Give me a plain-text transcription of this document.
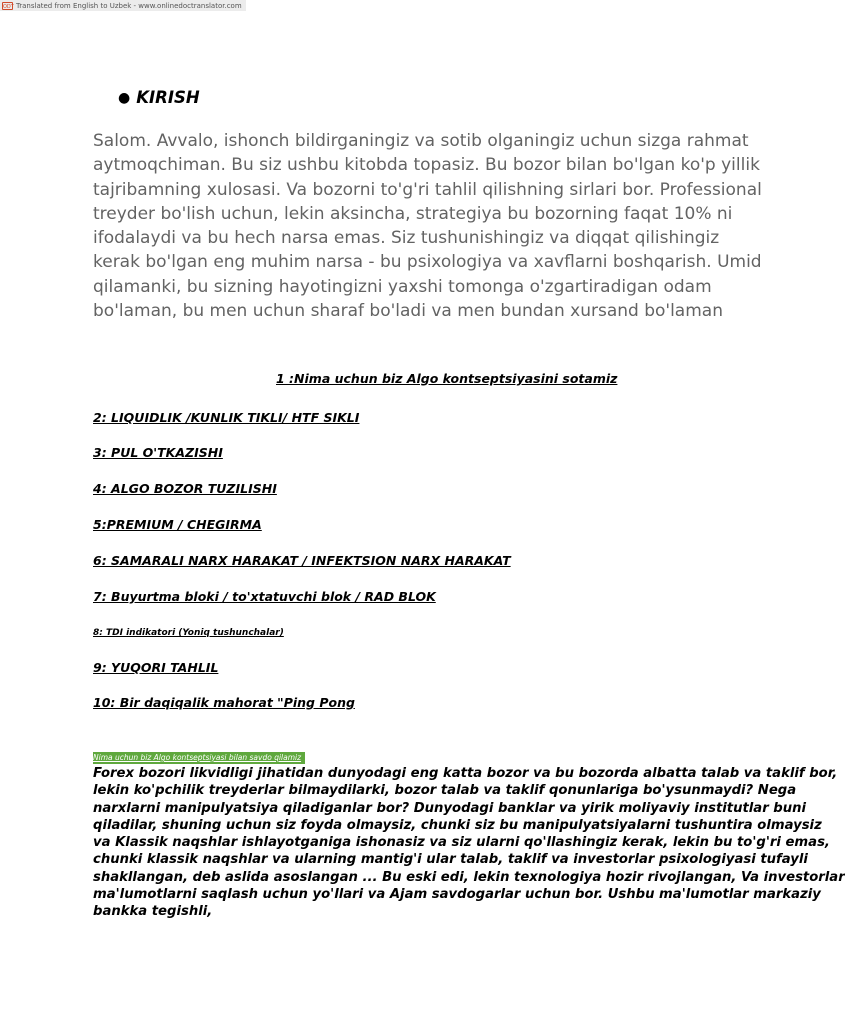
ODT Translated from English to Uzbek - www.onlinedoctranslator.com
● KIRISH
Salom. Avvalo, ishonch bildirganingiz va sotib olganingiz uchun sizga rahmat aytmoqchiman. Bu siz ushbu kitobda topasiz. Bu bozor bilan bo'lgan ko'p yillik tajribamning xulosasi. Va bozorni to'g'ri tahlil qilishning sirlari bor. Professional treyder bo'lish uchun, lekin aksincha, strategiya bu bozorning faqat 10% ni ifodalaydi va bu hech narsa emas. Siz tushunishingiz va diqqat qilishingiz kerak bo'lgan eng muhim narsa - bu psixologiya va xavflarni boshqarish. Umid qilamanki, bu sizning hayotingizni yaxshi tomonga o'zgartiradigan odam bo'laman, bu men uchun sharaf bo'ladi va men bundan xursand bo'laman
1 :Nima uchun biz Algo kontseptsiyasini sotamiz
2: LIQUIDLIK /KUNLIK TIKLI/ HTF SIKLI
3: PUL O'TKAZISHI
4: ALGO BOZOR TUZILISHI
5:PREMIUM / CHEGIRMA
6: SAMARALI NARX HARAKAT / INFEKTSION NARX HARAKAT
7: Buyurtma bloki / to'xtatuvchi blok / RAD BLOK
8: TDI indikatori (Yoniq tushunchalar)
9: YUQORI TAHLIL
10: Bir daqiqalik mahorat "Ping Pong
Nima uchun biz Algo kontseptsiyasi bilan savdo qilamiz
Forex bozori likvidligi jihatidan dunyodagi eng katta bozor va bu bozorda albatta talab va taklif bor,
lekin ko'pchilik treyderlar bilmaydilarki, bozor talab va taklif qonunlariga bo'ysunmaydi? Nega
narxlarni manipulyatsiya qiladiganlar bor? Dunyodagi banklar va yirik moliyaviy institutlar buni
qiladilar, shuning uchun siz foyda olmaysiz, chunki siz bu manipulyatsiyalarni tushuntira olmaysiz
va Klassik naqshlar ishlayotganiga ishonasiz va siz ularni qo'llashingiz kerak, lekin bu to'g'ri emas,
chunki klassik naqshlar va ularning mantig'i ular talab, taklif va investorlar psixologiyasi tufayli
shakllangan, deb aslida asoslangan ... Bu eski edi, lekin texnologiya hozir rivojlangan, Va investorlar
ma'lumotlarni saqlash uchun yo'llari va Ajam savdogarlar uchun bor. Ushbu ma'lumotlar markaziy
bankka tegishli,
